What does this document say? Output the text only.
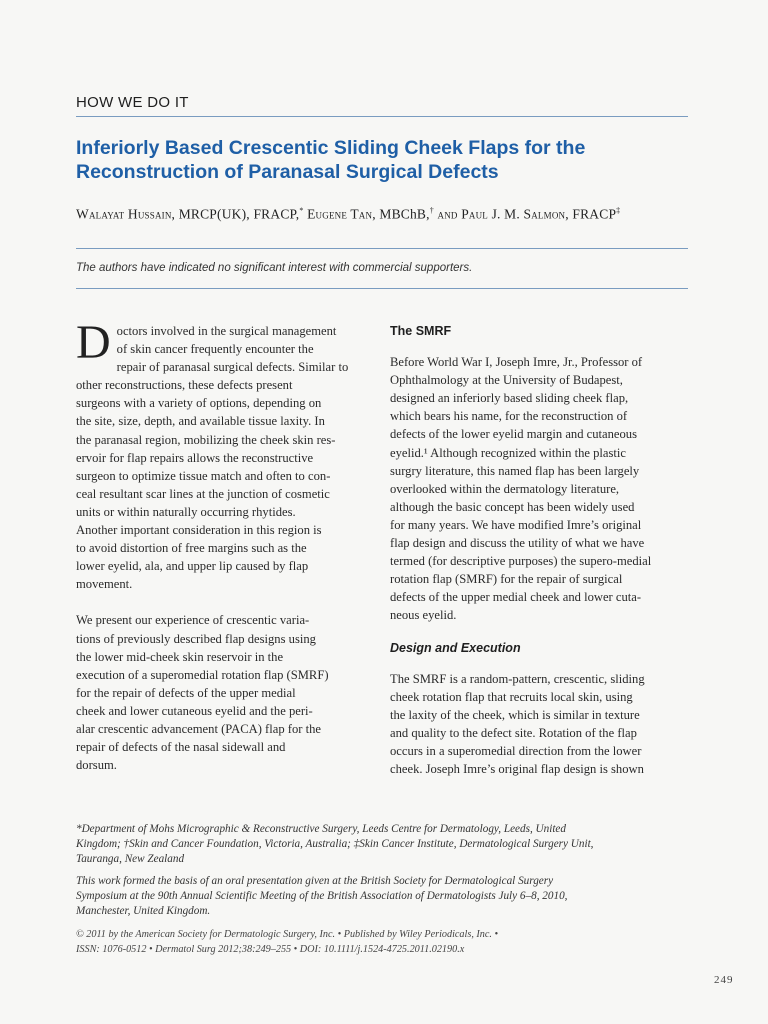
HOW WE DO IT
Inferiorly Based Crescentic Sliding Cheek Flaps for the
Reconstruction of Paranasal Surgical Defects
Walayat Hussain, MRCP(UK), FRACP,* Eugene Tan, MBChB,† and Paul J. M. Salmon, FRACP‡
The authors have indicated no significant interest with commercial supporters.

D octors involved in the surgical management
of skin cancer frequently encounter the
repair of paranasal surgical defects. Similar to
other reconstructions, these defects present
surgeons with a variety of options, depending on
the site, size, depth, and available tissue laxity. In
the paranasal region, mobilizing the cheek skin res-
ervoir for flap repairs allows the reconstructive
surgeon to optimize tissue match and often to con-
ceal resultant scar lines at the junction of cosmetic
units or within naturally occurring rhytides.
Another important consideration in this region is
to avoid distortion of free margins such as the
lower eyelid, ala, and upper lip caused by flap
movement.

We present our experience of crescentic varia-
tions of previously described flap designs using
the lower mid-cheek skin reservoir in the
execution of a superomedial rotation flap (SMRF)
for the repair of defects of the upper medial
cheek and lower cutaneous eyelid and the peri-
alar crescentic advancement (PACA) flap for the
repair of defects of the nasal sidewall and
dorsum.

The SMRF

Before World War I, Joseph Imre, Jr., Professor of
Ophthalmology at the University of Budapest,
designed an inferiorly based sliding cheek flap,
which bears his name, for the reconstruction of
defects of the lower eyelid margin and cutaneous
eyelid.¹ Although recognized within the plastic
surgry literature, this named flap has been largely
overlooked within the dermatology literature,
although the basic concept has been widely used
for many years. We have modified Imre’s original
flap design and discuss the utility of what we have
termed (for descriptive purposes) the supero-medial
rotation flap (SMRF) for the repair of surgical
defects of the upper medial cheek and lower cuta-
neous eyelid.

Design and Execution

The SMRF is a random-pattern, crescentic, sliding
cheek rotation flap that recruits local skin, using
the laxity of the cheek, which is similar in texture
and quality to the defect site. Rotation of the flap
occurs in a superomedial direction from the lower
cheek. Joseph Imre’s original flap design is shown

*Department of Mohs Micrographic & Reconstructive Surgery, Leeds Centre for Dermatology, Leeds, United
Kingdom; †Skin and Cancer Foundation, Victoria, Australia; ‡Skin Cancer Institute, Dermatological Surgery Unit,
Tauranga, New Zealand

This work formed the basis of an oral presentation given at the British Society for Dermatological Surgery
Symposium at the 90th Annual Scientific Meeting of the British Association of Dermatologists July 6–8, 2010,
Manchester, United Kingdom.

© 2011 by the American Society for Dermatologic Surgery, Inc. • Published by Wiley Periodicals, Inc. •
ISSN: 1076-0512 • Dermatol Surg 2012;38:249–255 • DOI: 10.1111/j.1524-4725.2011.02190.x

249
